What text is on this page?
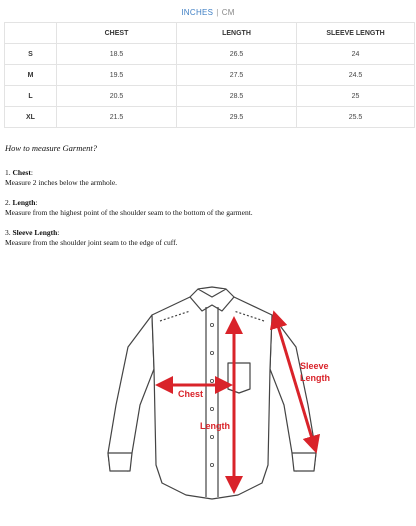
INCHES | CM
	CHEST	LENGTH	SLEEVE LENGTH
S	18.5	26.5	24
M	19.5	27.5	24.5
L	20.5	28.5	25
XL	21.5	29.5	25.5
How to measure Garment?
1. Chest:
Measure 2 inches below the armhole.
2. Length:
Measure from the highest point of the shoulder seam to the bottom of the garment.
3. Sleeve Length:
Measure from the shoulder joint seam to the edge of cuff.
Chest
Length
Sleeve
Length
